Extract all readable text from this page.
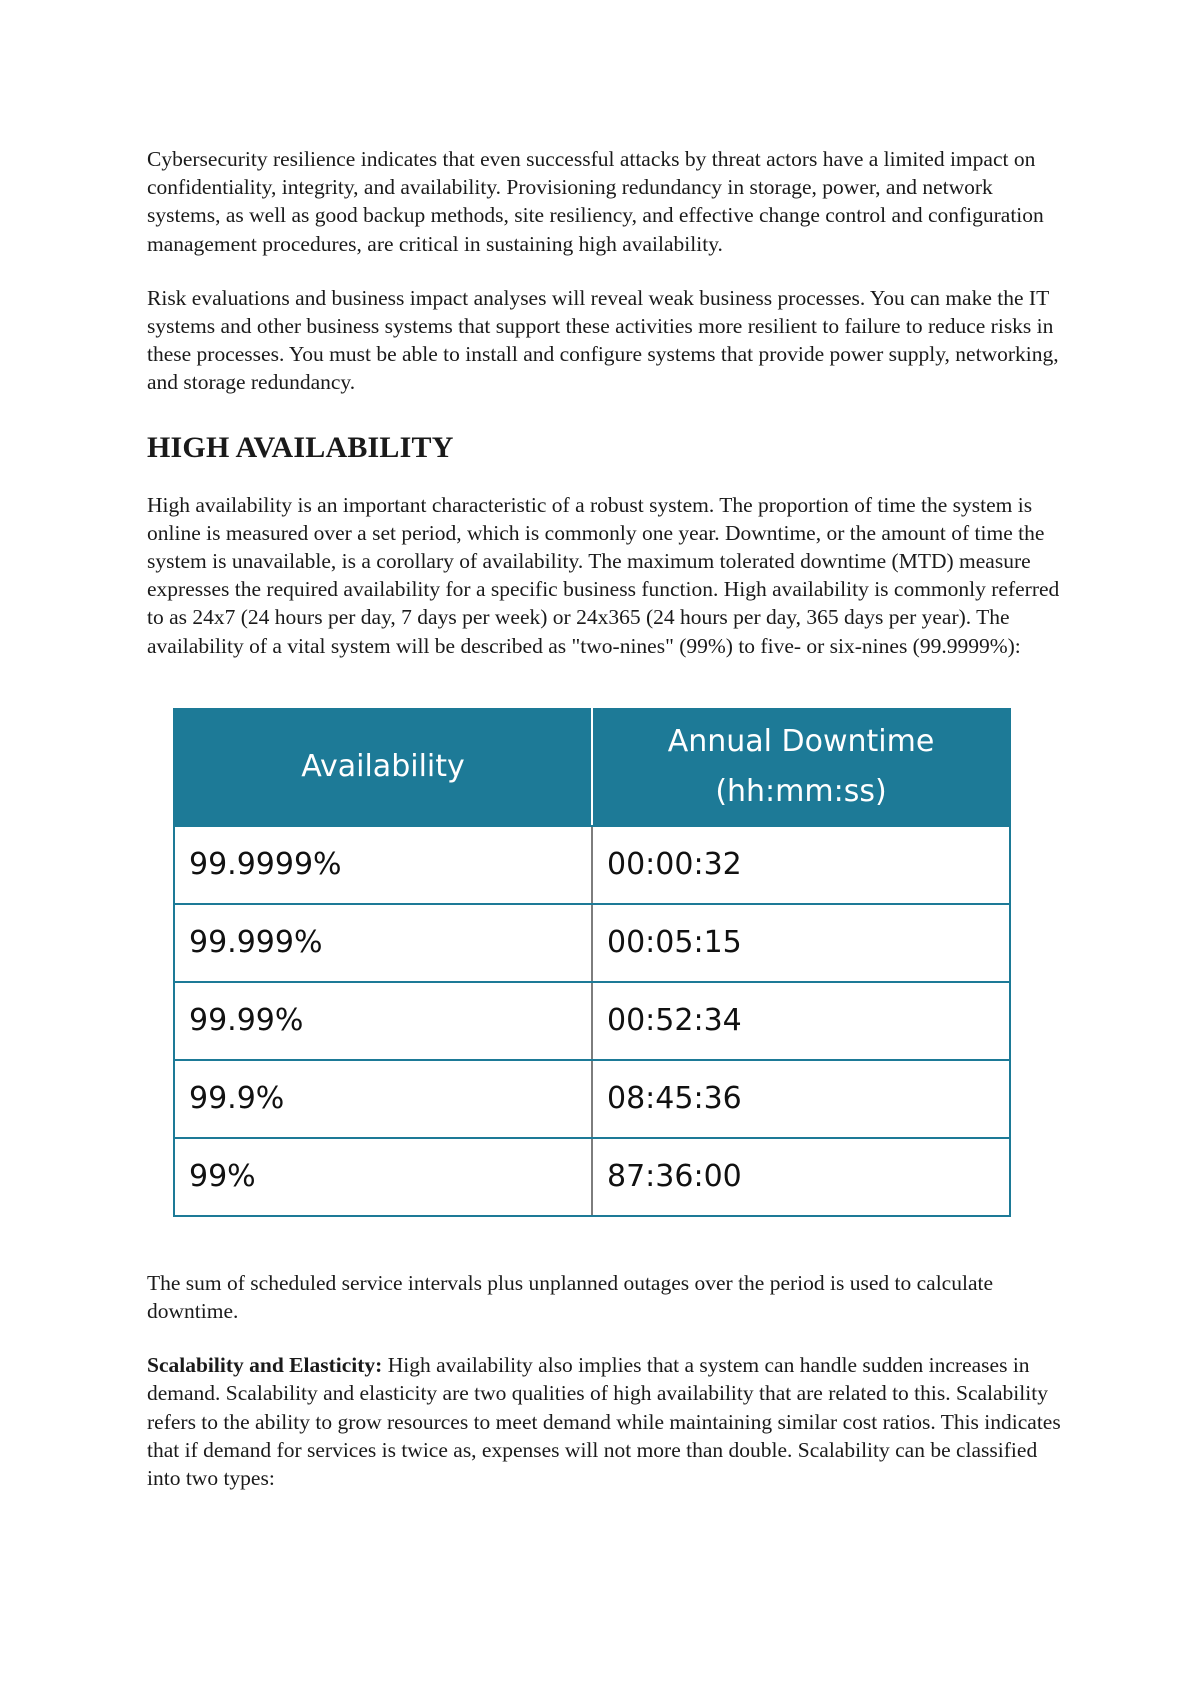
Cybersecurity resilience indicates that even successful attacks by threat actors have a limited impact on confidentiality, integrity, and availability. Provisioning redundancy in storage, power, and network systems, as well as good backup methods, site resiliency, and effective change control and configuration management procedures, are critical in sustaining high availability.

Risk evaluations and business impact analyses will reveal weak business processes. You can make the IT systems and other business systems that support these activities more resilient to failure to reduce risks in these processes. You must be able to install and configure systems that provide power supply, networking, and storage redundancy.

HIGH AVAILABILITY

High availability is an important characteristic of a robust system. The proportion of time the system is online is measured over a set period, which is commonly one year. Downtime, or the amount of time the system is unavailable, is a corollary of availability. The maximum tolerated downtime (MTD) measure expresses the required availability for a specific business function. High availability is commonly referred to as 24x7 (24 hours per day, 7 days per week) or 24x365 (24 hours per day, 365 days per year). The availability of a vital system will be described as "two-nines" (99%) to five- or six-nines (99.9999%):

Availability	Annual Downtime
(hh:mm:ss)
99.9999%	00:00:32
99.999%	00:05:15
99.99%	00:52:34
99.9%	08:45:36
99%	87:36:00

The sum of scheduled service intervals plus unplanned outages over the period is used to calculate downtime.

Scalability and Elasticity: High availability also implies that a system can handle sudden increases in demand. Scalability and elasticity are two qualities of high availability that are related to this. Scalability refers to the ability to grow resources to meet demand while maintaining similar cost ratios. This indicates that if demand for services is twice as, expenses will not more than double. Scalability can be classified into two types:
